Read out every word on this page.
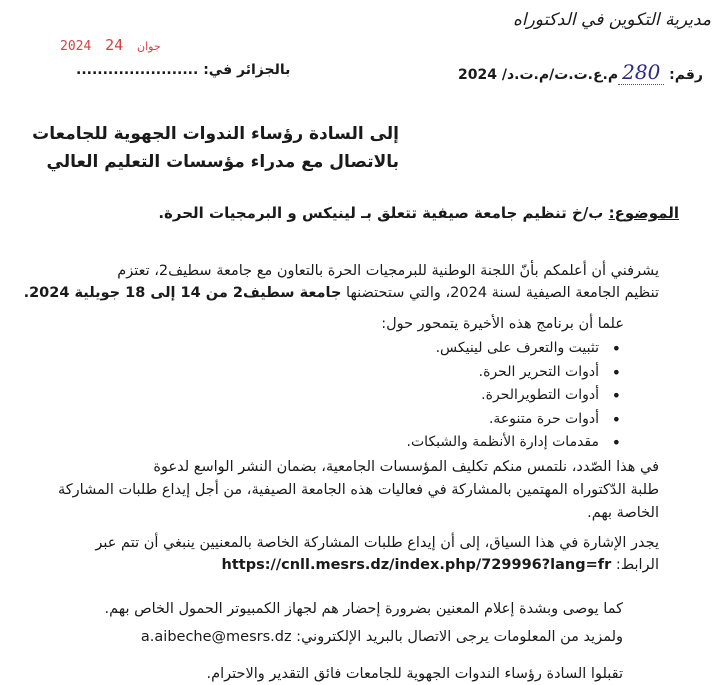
مديرية التكوين في الدكتوراه
2024	جوان 24
بالجزائر في: .......................	رقم: 280م.ع.ت.ت/م.ت.د/ 2024
إلى السادة رؤساء الندوات الجهوية للجامعات
بالاتصال مع مدراء مؤسسات التعليم العالي
الموضوع: ب/خ تنظيم جامعة صيفية تتعلق بـ لينيكس و البرمجيات الحرة.
يشرفني أن أعلمكم بأنّ اللجنة الوطنية للبرمجيات الحرة بالتعاون مع جامعة سطيف2، تعتزم
تنظيم الجامعة الصيفية لسنة 2024، والتي ستحتضنها جامعة سطيف2 من 14 إلى 18 جويلية 2024.
علما أن برنامج هذه الأخيرة يتمحور حول:
• تثبيت والتعرف على لينيكس.
• أدوات التحرير الحرة.
• أدوات التطويرالحرة.
• أدوات حرة متنوعة.
• مقدمات إدارة الأنظمة والشبكات.
في هذا الصّدد، نلتمس منكم تكليف المؤسسات الجامعية، بضمان النشر الواسع لدعوة
طلبة الدّكتوراه المهتمين بالمشاركة في فعاليات هذه الجامعة الصيفية، من أجل إيداع طلبات المشاركة
الخاصة بهم.
يجدر الإشارة في هذا السياق، إلى أن إيداع طلبات المشاركة الخاصة بالمعنيين ينبغي أن تتم عبر
الرابط: https://cnll.mesrs.dz/index.php/729996?lang=fr
كما يوصى وبشدة إعلام المعنين بضرورة إحضار هم لجهاز الكمبيوتر الحمول الخاص بهم.
ولمزيد من المعلومات يرجى الاتصال بالبريد الإلكتروني: a.aibeche@mesrs.dz
تقبلوا السادة رؤساء الندوات الجهوية للجامعات فائق التقدير والاحترام.
